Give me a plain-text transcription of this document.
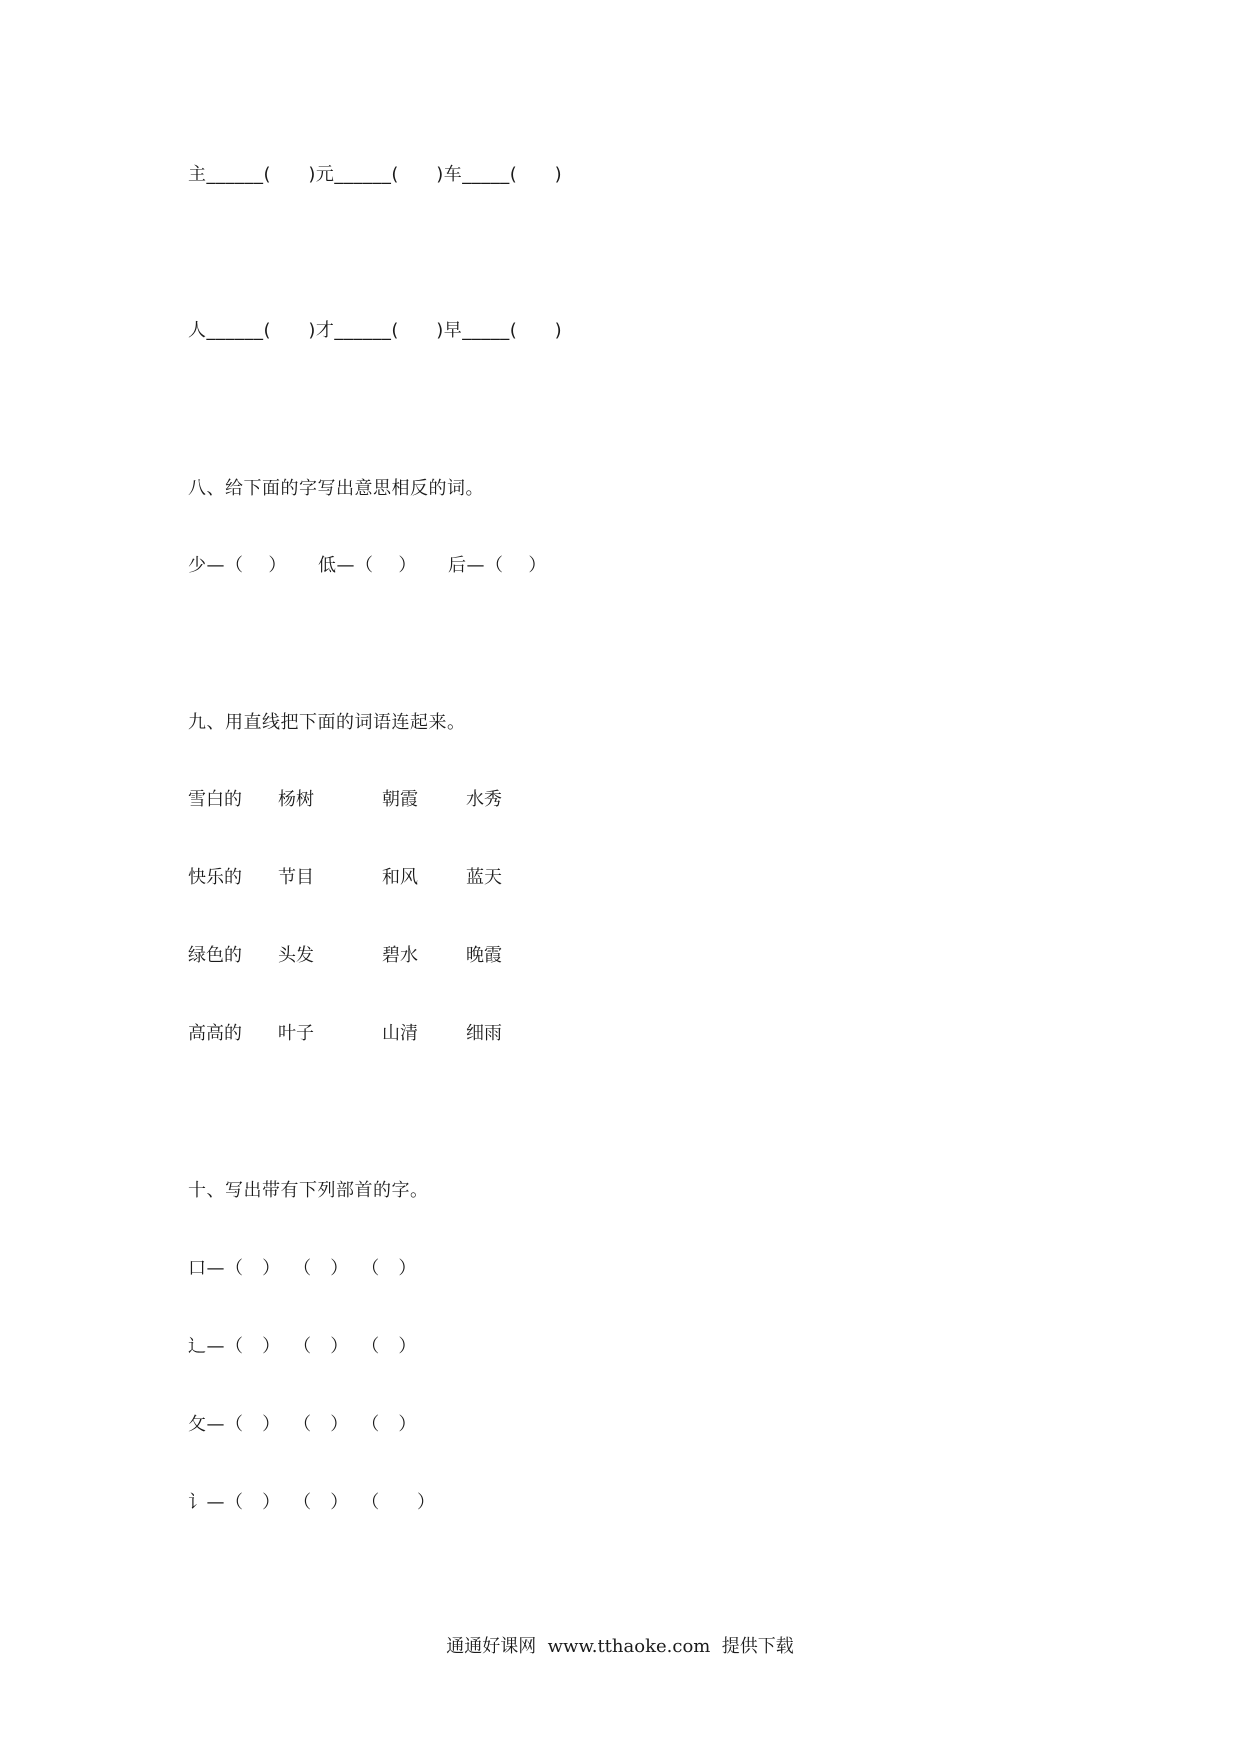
主______(      )元______(      )车_____(      )
人______(      )才______(      )早_____(      )
八、给下面的字写出意思相反的词。
少—（    ）     低—（    ）     后—（    ）
九、用直线把下面的词语连起来。
雪白的 杨树	朝霞	水秀
快乐的 节目	和风	蓝天
绿色的 头发	碧水	晚霞
高高的 叶子	山清	细雨
十、写出带有下列部首的字。
口—（   ）  （   ）  （   ）
辶—（   ）  （   ）  （   ）
攵—（   ）  （   ）  （   ）
讠—（   ）  （   ）  （      ）
通通好课网  www.tthaoke.com  提供下载
